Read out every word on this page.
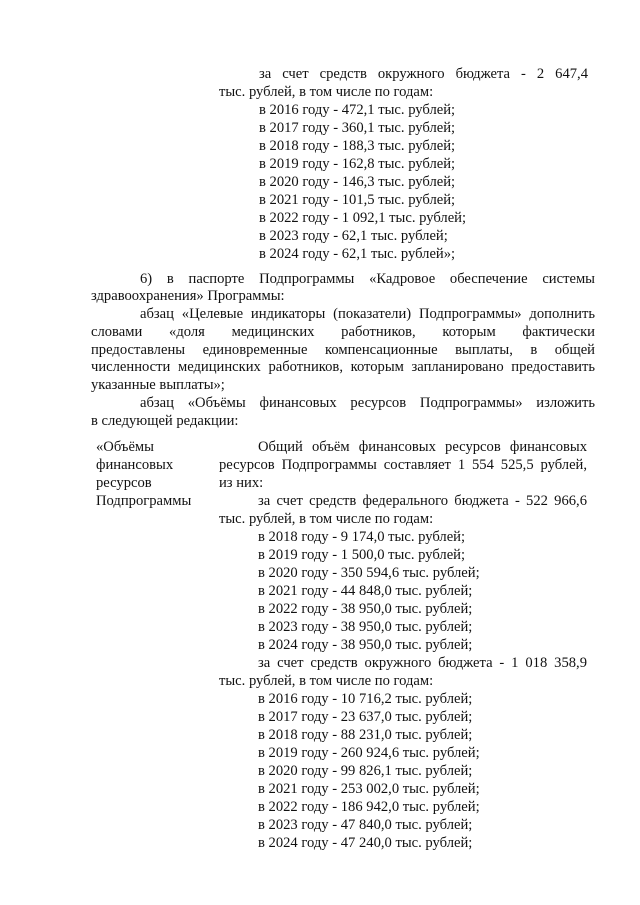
за счет средств окружного бюджета - 2 647,4
тыс. рублей, в том числе по годам:
в 2016 году - 472,1 тыс. рублей;
в 2017 году - 360,1 тыс. рублей;
в 2018 году - 188,3 тыс. рублей;
в 2019 году - 162,8 тыс. рублей;
в 2020 году - 146,3 тыс. рублей;
в 2021 году - 101,5 тыс. рублей;
в 2022 году - 1 092,1 тыс. рублей;
в 2023 году - 62,1 тыс. рублей;
в 2024 году - 62,1 тыс. рублей»;
6) в паспорте Подпрограммы «Кадровое обеспечение системы
здравоохранения» Программы:
абзац «Целевые индикаторы (показатели) Подпрограммы» дополнить
словами «доля медицинских работников, которым фактически
предоставлены единовременные компенсационные выплаты, в общей
численности медицинских работников, которым запланировано предоставить
указанные выплаты»;
абзац «Объёмы финансовых ресурсов Подпрограммы» изложить
в следующей редакции:
«Объёмы
финансовых
ресурсов
Подпрограммы
Общий объём финансовых ресурсов финансовых
ресурсов Подпрограммы составляет 1 554 525,5 рублей,
из них:
за счет средств федерального бюджета - 522 966,6
тыс. рублей, в том числе по годам:
в 2018 году - 9 174,0 тыс. рублей;
в 2019 году - 1 500,0 тыс. рублей;
в 2020 году - 350 594,6 тыс. рублей;
в 2021 году - 44 848,0 тыс. рублей;
в 2022 году - 38 950,0 тыс. рублей;
в 2023 году - 38 950,0 тыс. рублей;
в 2024 году - 38 950,0 тыс. рублей;
за счет средств окружного бюджета - 1 018 358,9
тыс. рублей, в том числе по годам:
в 2016 году - 10 716,2 тыс. рублей;
в 2017 году - 23 637,0 тыс. рублей;
в 2018 году - 88 231,0 тыс. рублей;
в 2019 году - 260 924,6 тыс. рублей;
в 2020 году - 99 826,1 тыс. рублей;
в 2021 году - 253 002,0 тыс. рублей;
в 2022 году - 186 942,0 тыс. рублей;
в 2023 году - 47 840,0 тыс. рублей;
в 2024 году - 47 240,0 тыс. рублей;
